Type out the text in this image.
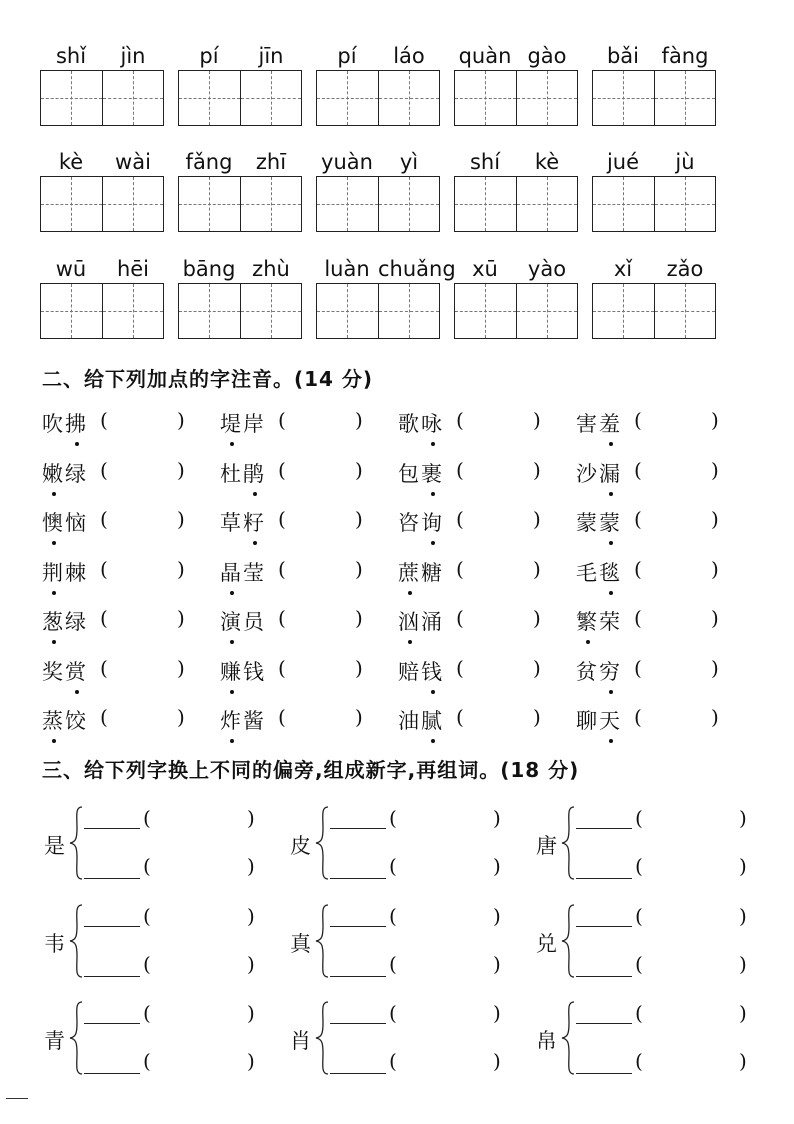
shǐ	jìn	pí	jīn	pí	láo	quàn gào	bǎi	fàng
kè	wài	fǎng	zhī	yuàn	yì	shí	kè	jué	jù
wū	hēi	bāng zhù	luàn chuǎng xū	yào	xǐ	zǎo
二、给下列加点的字注音。(14 分)
吹拂 (	) 堤岸 (	) 歌咏 (	) 害羞 (	)
嫩绿 (	) 杜鹃 (	) 包裹 (	) 沙漏 (	)
懊恼 (	) 草籽 (	) 咨询 (	) 蒙蒙 (	)
荆棘 (	) 晶莹 (	) 蔗糖 (	) 毛毯 (	)
葱绿 (	) 演员 (	) 汹涌 (	) 繁荣 (	)
奖赏 (	) 赚钱 (	) 赔钱 (	) 贫穷 (	)
蒸饺 (	) 炸酱 (	) 油腻 (	) 聊天 (	)
三、给下列字换上不同的偏旁,组成新字,再组词。(18 分)
是
(	)
(	)
皮
(	)
(	)
唐
(	)
(	)
韦
(	)
(	)
真
(	)
(	)
兑
(	)
(	)
青
(	)
(	)
肖
(	)
(	)
帛
(	)
(	)
